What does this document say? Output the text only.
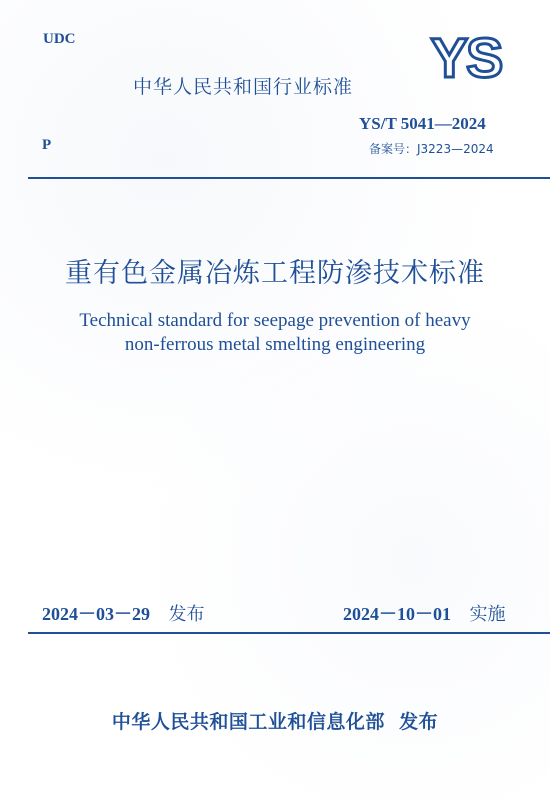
UDC
中华人民共和国行业标准 YS
YS/T 5041—2024
P	备案号：J3223—2024
重有色金属冶炼工程防渗技术标准
Technical standard for seepage prevention of heavy
non-ferrous metal smelting engineering
2024－03－29 发布	2024－10－01 实施
中华人民共和国工业和信息化部  发布
